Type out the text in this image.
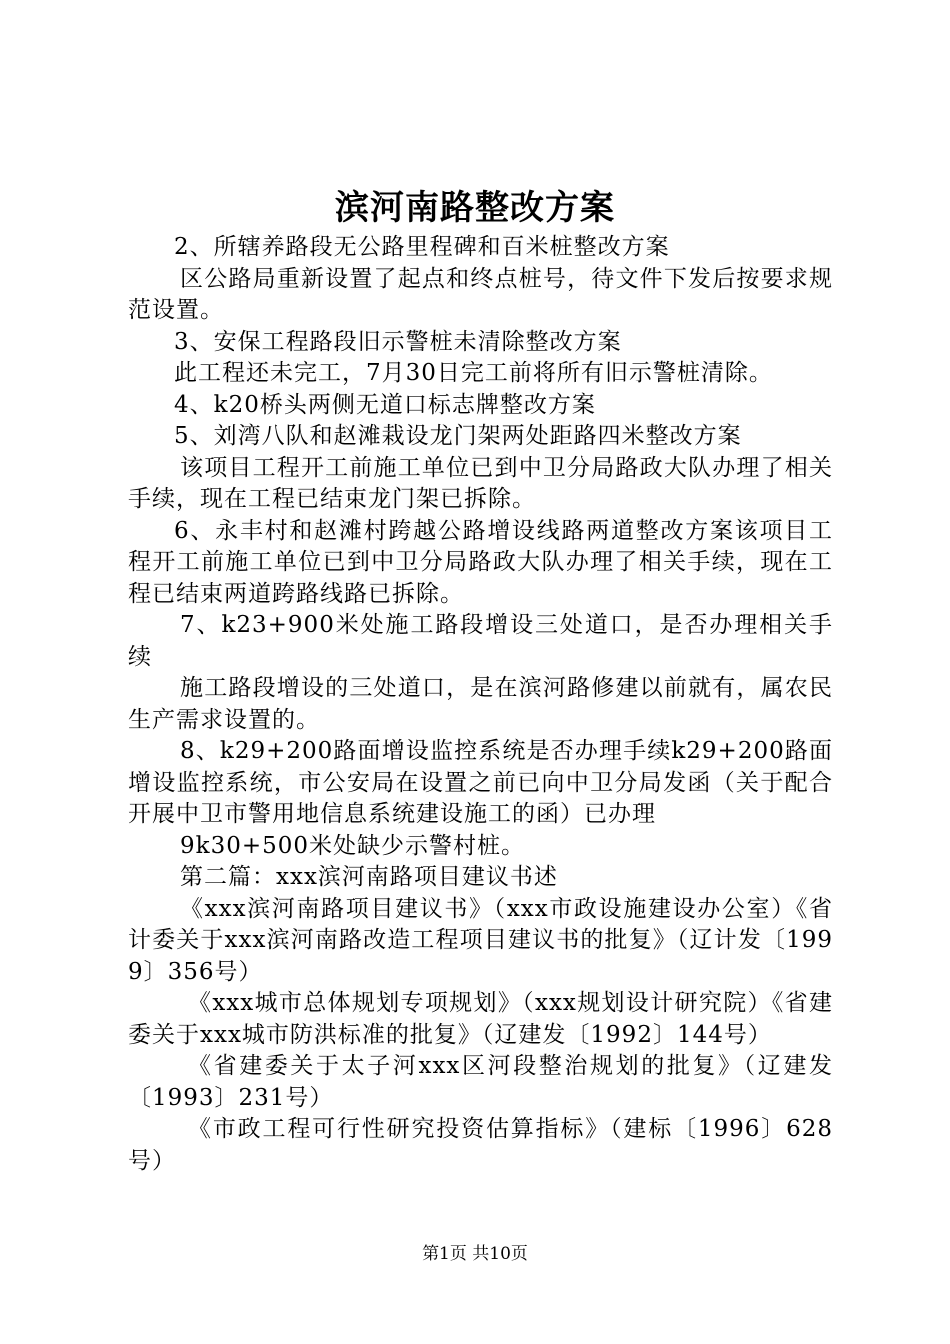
滨河南路整改方案

2、所辖养路段无公路里程碑和百米桩整改方案

区公路局重新设置了起点和终点桩号，待文件下发后按要求规范设置。

3、安保工程路段旧示警桩未清除整改方案

此工程还未完工，7月30日完工前将所有旧示警桩清除。

4、k20桥头两侧无道口标志牌整改方案

5、刘湾八队和赵滩栽设龙门架两处距路四米整改方案

该项目工程开工前施工单位已到中卫分局路政大队办理了相关手续，现在工程已结束龙门架已拆除。

6、永丰村和赵滩村跨越公路增设线路两道整改方案该项目工程开工前施工单位已到中卫分局路政大队办理了相关手续，现在工程已结束两道跨路线路已拆除。

7、k23+900米处施工路段增设三处道口，是否办理相关手续

施工路段增设的三处道口，是在滨河路修建以前就有，属农民生产需求设置的。

8、k29+200路面增设监控系统是否办理手续k29+200路面增设监控系统，市公安局在设置之前已向中卫分局发函（关于配合开展中卫市警用地信息系统建设施工的函）已办理

9k30+500米处缺少示警村桩。

第二篇：xxx滨河南路项目建议书述

《xxx滨河南路项目建议书》（xxx市政设施建设办公室）《省计委关于xxx滨河南路改造工程项目建议书的批复》（辽计发〔1999〕356号）

《xxx城市总体规划专项规划》（xxx规划设计研究院）《省建委关于xxx城市防洪标准的批复》（辽建发〔1992〕144号）

《省建委关于太子河xxx区河段整治规划的批复》（辽建发〔1993〕231号）

《市政工程可行性研究投资估算指标》（建标〔1996〕628号）

第1页 共10页
